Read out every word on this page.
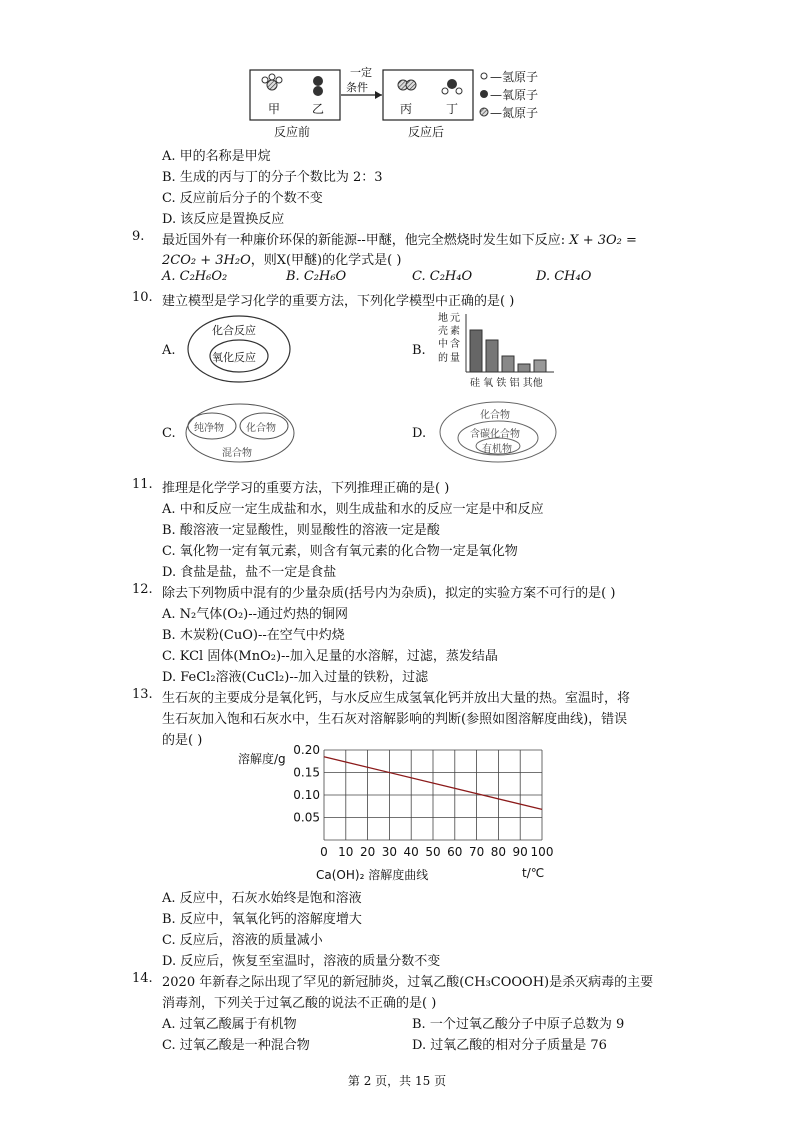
甲	乙	丙	丁
一定
条件
反应前	反应后
—氢原子
—氧原子
—氮原子
A. 甲的名称是甲烷
B. 生成的丙与丁的分子个数比为 2：3
C. 反应前后分子的个数不变
D. 该反应是置换反应
9. 最近国外有一种廉价环保的新能源--甲醚，他完全燃烧时发生如下反应: X + 3O₂ =
2CO₂ + 3H₂O，则X(甲醚)的化学式是( )
A. C₂H₆O₂	B. C₂H₆O	C. C₂H₄O	D. CH₄O
10. 建立模型是学习化学的重要方法，下列化学模型中正确的是( )
A.
化合反应
氧化反应	B.
地 元
壳 素
中 含
的 量
硅 氧 铁 铝 其他
C. 纯净物 化合物
混合物
D.
化合物
含碳化合物
有机物
11. 推理是化学学习的重要方法，下列推理正确的是( )
A. 中和反应一定生成盐和水，则生成盐和水的反应一定是中和反应
B. 酸溶液一定显酸性，则显酸性的溶液一定是酸
C. 氧化物一定有氧元素，则含有氧元素的化合物一定是氧化物
D. 食盐是盐，盐不一定是食盐
12. 除去下列物质中混有的少量杂质(括号内为杂质)，拟定的实验方案不可行的是( )
A. N₂气体(O₂)--通过灼热的铜网
B. 木炭粉(CuO)--在空气中灼烧
C. KCl 固体(MnO₂)--加入足量的水溶解，过滤，蒸发结晶
D. FeCl₂溶液(CuCl₂)--加入过量的铁粉，过滤
13. 生石灰的主要成分是氧化钙，与水反应生成氢氧化钙并放出大量的热。室温时，将
生石灰加入饱和石灰水中，生石灰对溶解影响的判断(参照如图溶解度曲线)，错误
的是( )
0 10 20 30 40 50 60 70 80 90 100
0.20
0.15
0.10
0.05
溶解度/g
Ca(OH)₂ 溶解度曲线	t/℃
A. 反应中，石灰水始终是饱和溶液
B. 反应中，氧氧化钙的溶解度增大
C. 反应后，溶液的质量减小
D. 反应后，恢复至室温时，溶液的质量分数不变
14. 2020 年新春之际出现了罕见的新冠肺炎，过氧乙酸(CH₃COOOH)是杀灭病毒的主要
消毒剂，下列关于过氧乙酸的说法不正确的是( )
A. 过氧乙酸属于有机物	B. 一个过氧乙酸分子中原子总数为 9
C. 过氧乙酸是一种混合物	D. 过氧乙酸的相对分子质量是 76
第 2 页，共 15 页
